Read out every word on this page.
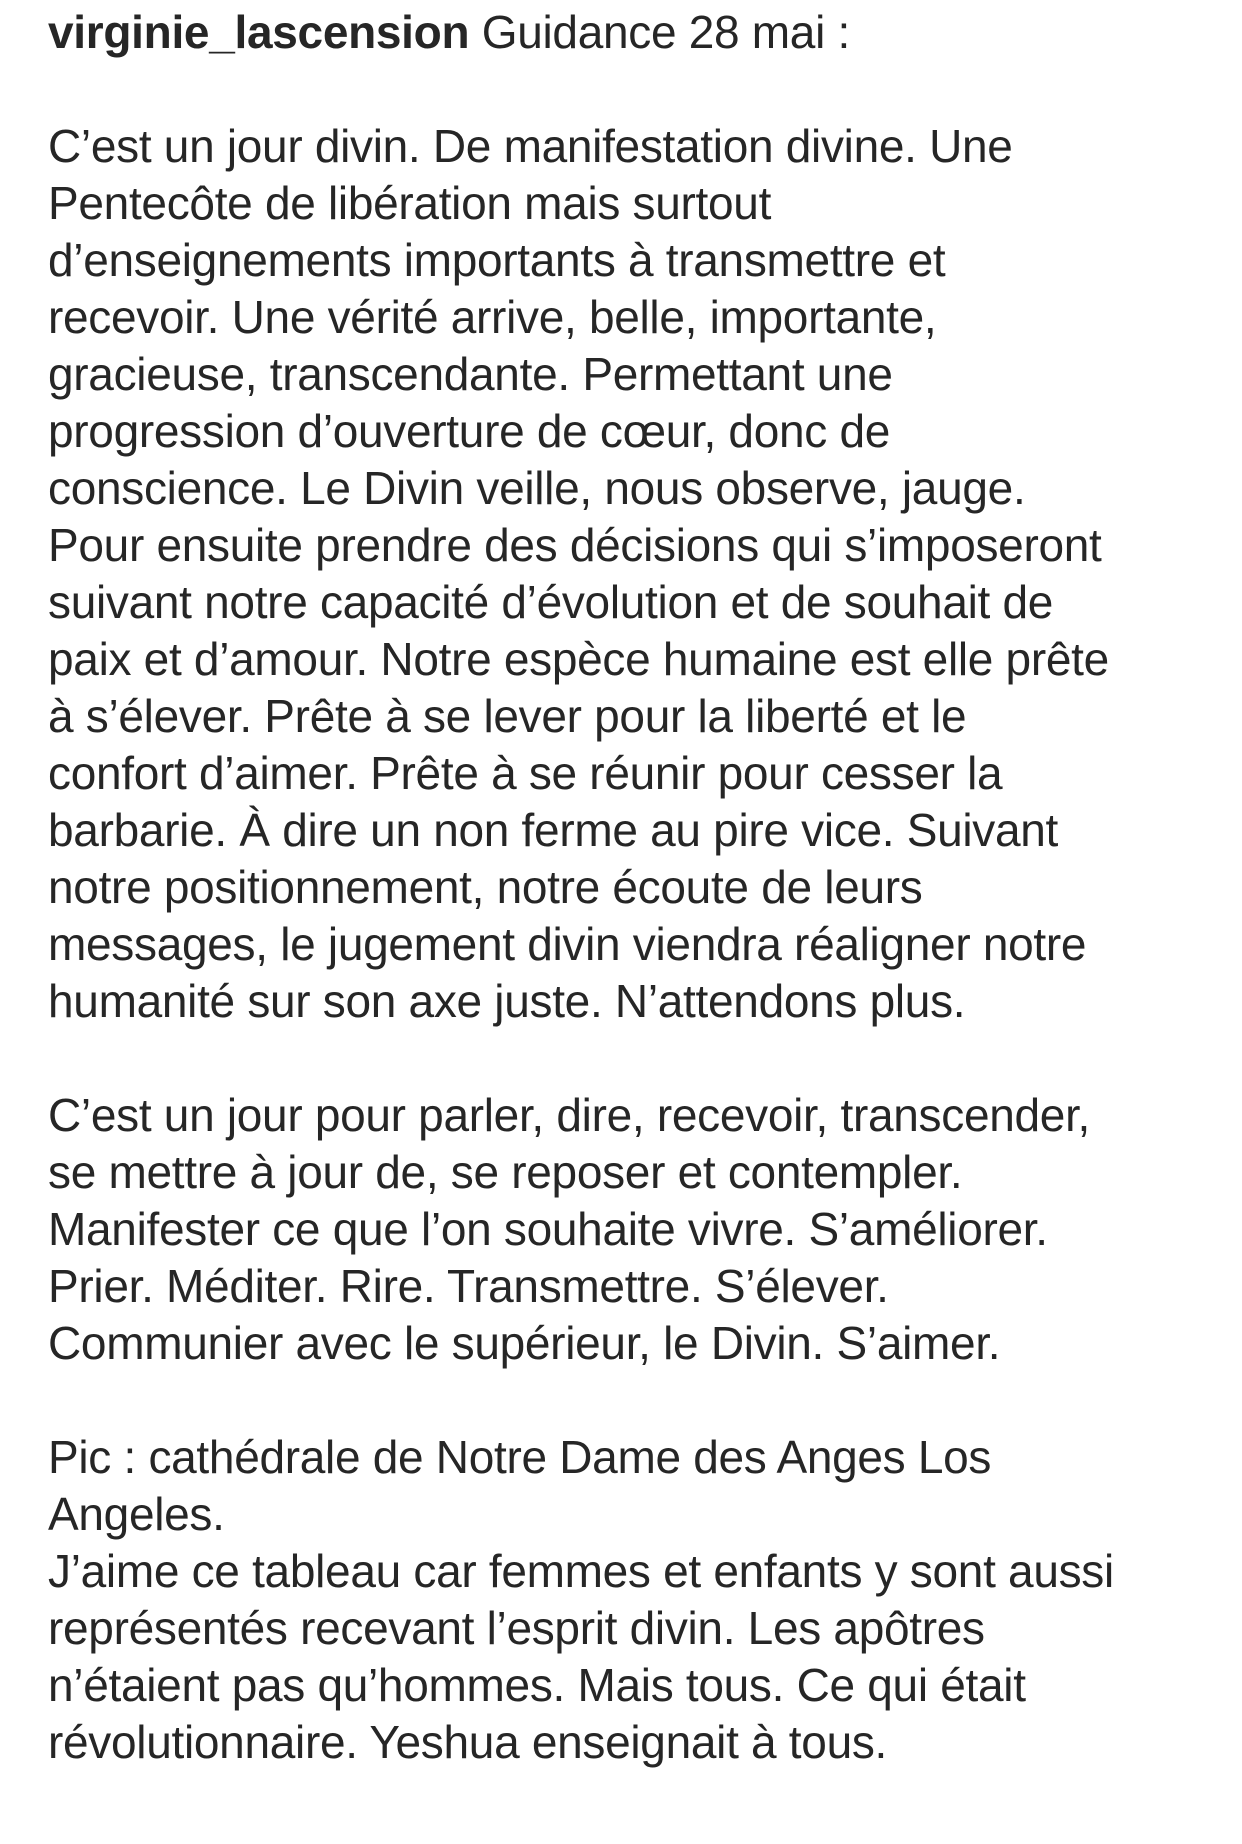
virginie_lascension Guidance 28 mai :

C’est un jour divin. De manifestation divine. Une
Pentecôte de libération mais surtout
d’enseignements importants à transmettre et
recevoir. Une vérité arrive, belle, importante,
gracieuse, transcendante. Permettant une
progression d’ouverture de cœur, donc de
conscience. Le Divin veille, nous observe, jauge.
Pour ensuite prendre des décisions qui s’imposeront
suivant notre capacité d’évolution et de souhait de
paix et d’amour. Notre espèce humaine est elle prête
à s’élever. Prête à se lever pour la liberté et le
confort d’aimer. Prête à se réunir pour cesser la
barbarie. À dire un non ferme au pire vice. Suivant
notre positionnement, notre écoute de leurs
messages, le jugement divin viendra réaligner notre
humanité sur son axe juste. N’attendons plus.

C’est un jour pour parler, dire, recevoir, transcender,
se mettre à jour de, se reposer et contempler.
Manifester ce que l’on souhaite vivre. S’améliorer.
Prier. Méditer. Rire. Transmettre. S’élever.
Communier avec le supérieur, le Divin. S’aimer.

Pic : cathédrale de Notre Dame des Anges Los
Angeles.

J’aime ce tableau car femmes et enfants y sont aussi
représentés recevant l’esprit divin. Les apôtres
n’étaient pas qu’hommes. Mais tous. Ce qui était
révolutionnaire. Yeshua enseignait à tous.
